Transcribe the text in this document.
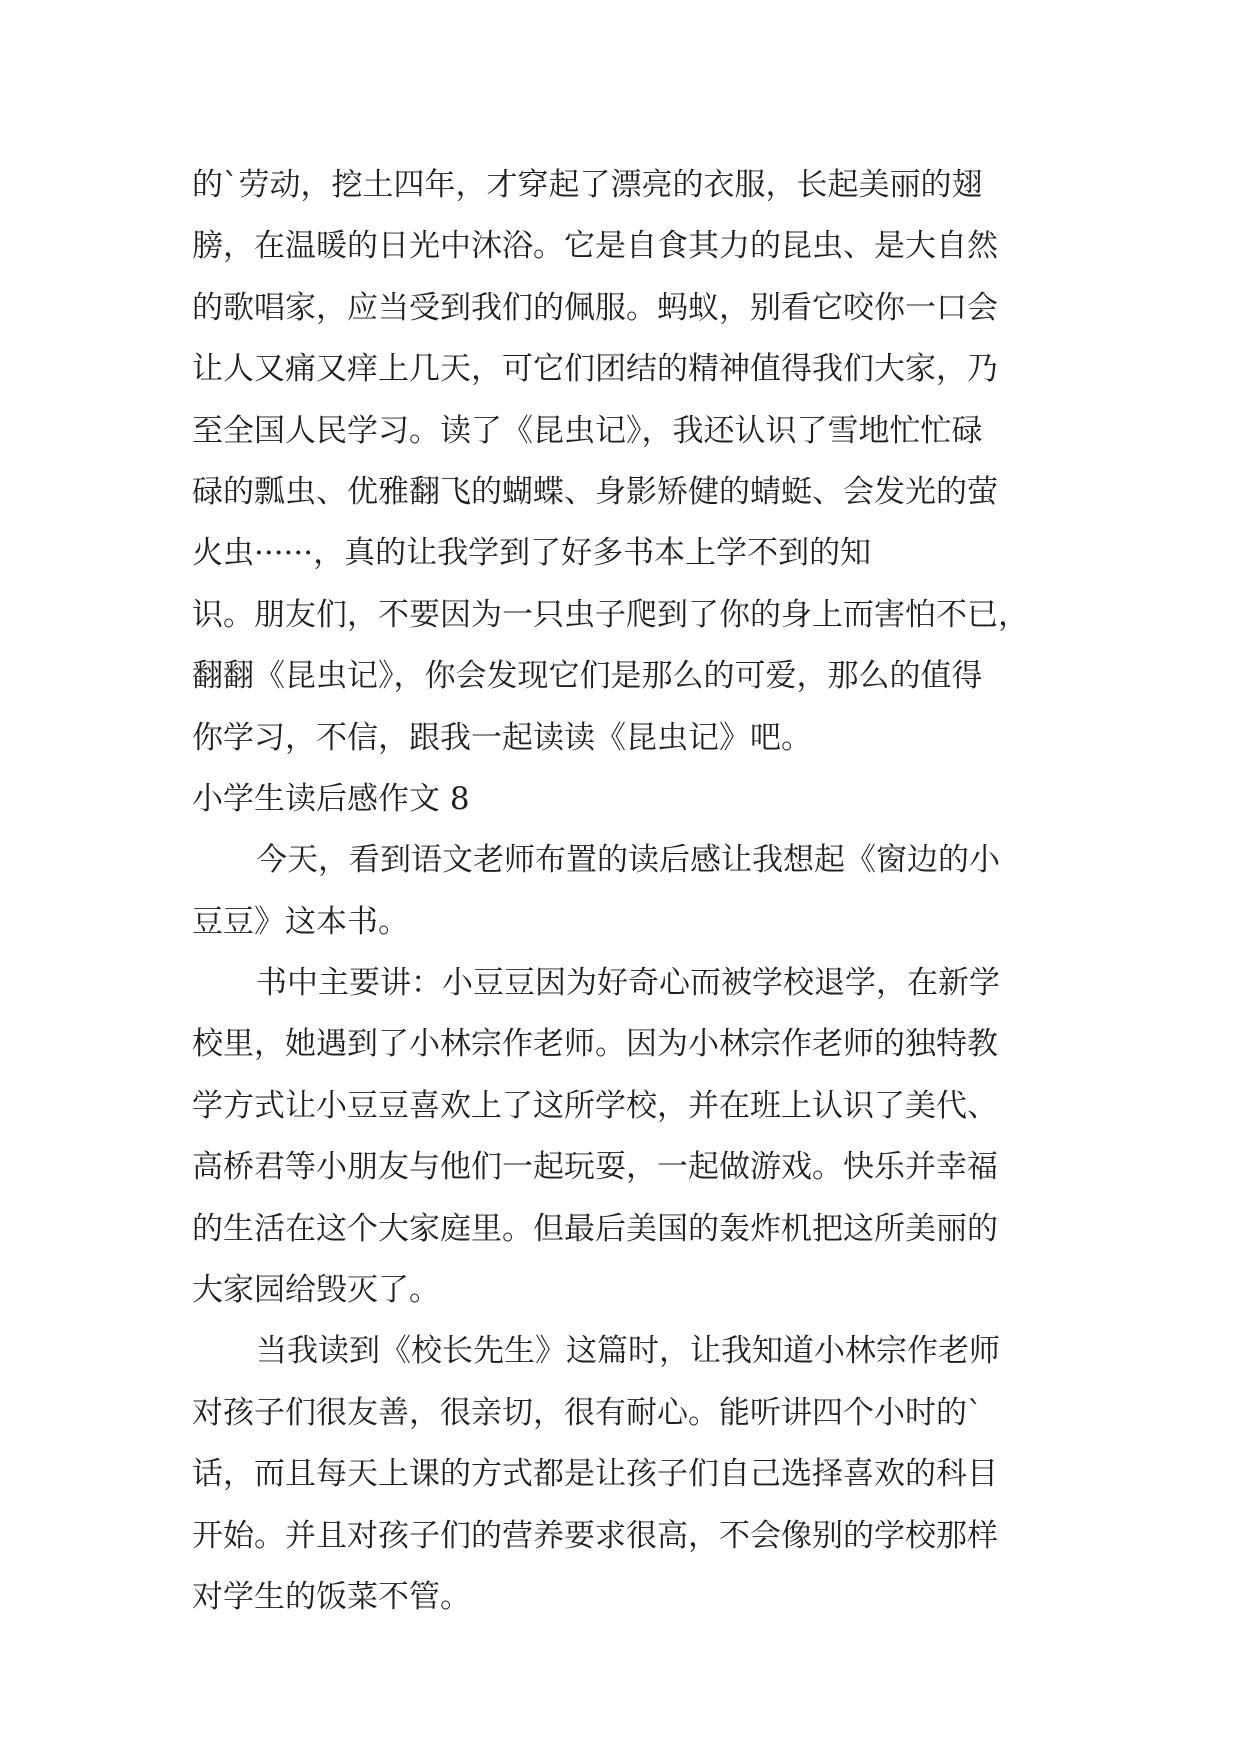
的`劳动，挖土四年，才穿起了漂亮的衣服，长起美丽的翅
膀，在温暖的日光中沐浴。它是自食其力的昆虫、是大自然
的歌唱家，应当受到我们的佩服。蚂蚁，别看它咬你一口会
让人又痛又痒上几天，可它们团结的精神值得我们大家，乃
至全国人民学习。读了《昆虫记》，我还认识了雪地忙忙碌
碌的瓢虫、优雅翻飞的蝴蝶、身影矫健的蜻蜓、会发光的萤
火虫······，真的让我学到了好多书本上学不到的知
识。朋友们，不要因为一只虫子爬到了你的身上而害怕不已，
翻翻《昆虫记》，你会发现它们是那么的可爱，那么的值得
你学习，不信，跟我一起读读《昆虫记》吧。
小学生读后感作文 8
今天，看到语文老师布置的读后感让我想起《窗边的小
豆豆》这本书。
书中主要讲：小豆豆因为好奇心而被学校退学，在新学
校里，她遇到了小林宗作老师。因为小林宗作老师的独特教
学方式让小豆豆喜欢上了这所学校，并在班上认识了美代、
高桥君等小朋友与他们一起玩耍，一起做游戏。快乐并幸福
的生活在这个大家庭里。但最后美国的轰炸机把这所美丽的
大家园给毁灭了。
当我读到《校长先生》这篇时，让我知道小林宗作老师
对孩子们很友善，很亲切，很有耐心。能听讲四个小时的`
话，而且每天上课的方式都是让孩子们自己选择喜欢的科目
开始。并且对孩子们的营养要求很高，不会像别的学校那样
对学生的饭菜不管。
